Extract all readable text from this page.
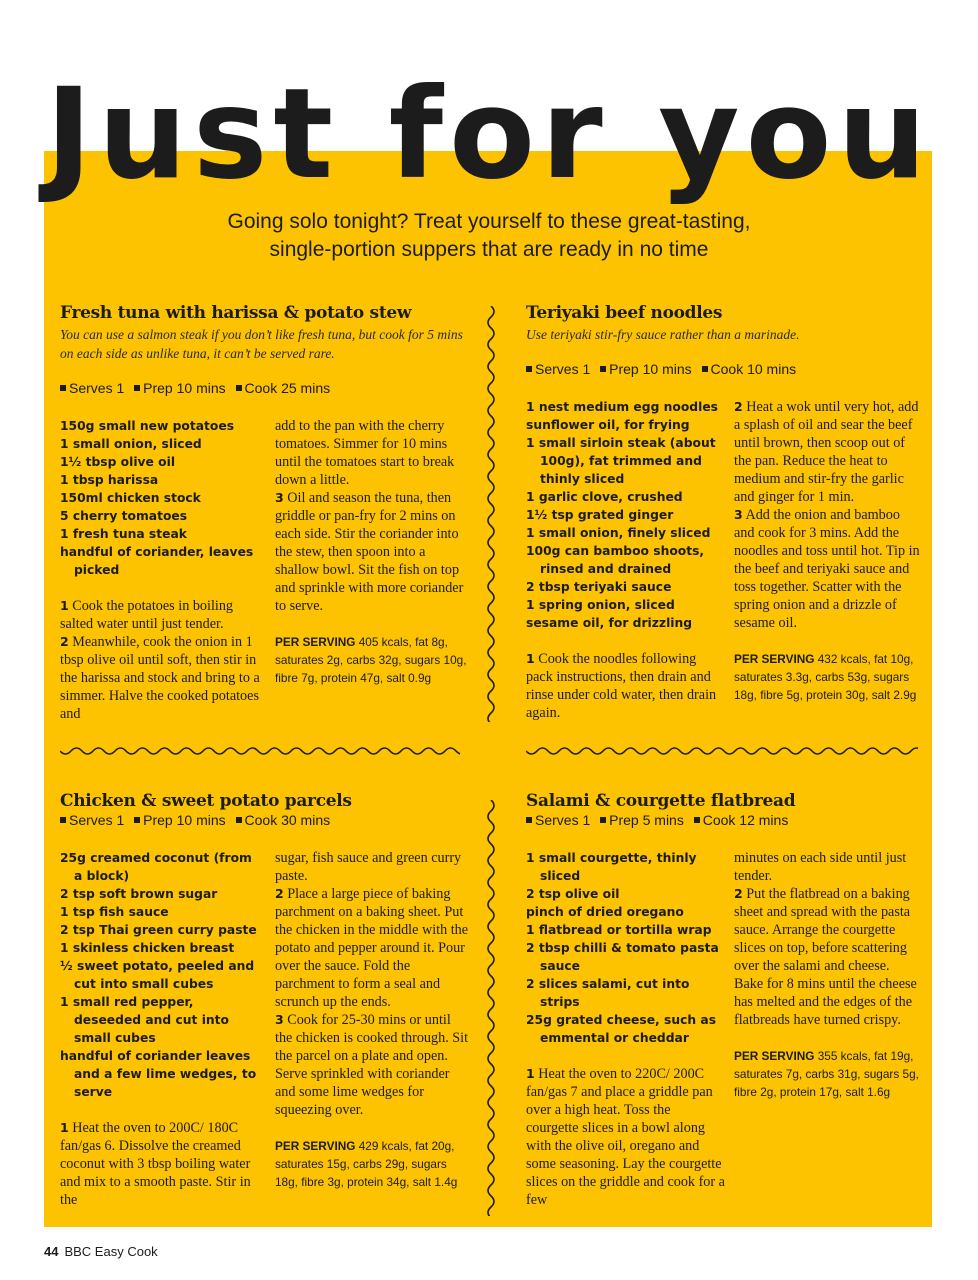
Just for you
Going solo tonight? Treat yourself to these great-tasting,
single-portion suppers that are ready in no time
Fresh tuna with harissa & potato stew

You can use a salmon steak if you don’t like fresh tuna, but cook for 5 mins on each side as unlike tuna, it can’t be served rare.

Serves 1 Prep 10 mins Cook 25 mins

150g small new potatoes
1 small onion, sliced
1½ tbsp olive oil
1 tbsp harissa
150ml chicken stock
5 cherry tomatoes
1 fresh tuna steak
handful of coriander, leaves picked

1 Cook the potatoes in boiling salted water until just tender.

2 Meanwhile, cook the onion in 1 tbsp olive oil until soft, then stir in the harissa and stock and bring to a simmer. Halve the cooked potatoes and

add to the pan with the cherry tomatoes. Simmer for 10 mins until the tomatoes start to break down a little.

3 Oil and season the tuna, then griddle or pan-fry for 2 mins on each side. Stir the coriander into the stew, then spoon into a shallow bowl. Sit the fish on top and sprinkle with more coriander to serve.

PER SERVING 405 kcals, fat 8g, saturates 2g, carbs 32g, sugars 10g, fibre 7g, protein 47g, salt 0.9g

Teriyaki beef noodles

Use teriyaki stir-fry sauce rather than a marinade.

Serves 1 Prep 10 mins Cook 10 mins

1 nest medium egg noodles
sunflower oil, for frying
1 small sirloin steak (about 100g), fat trimmed and thinly sliced
1 garlic clove, crushed
1½ tsp grated ginger
1 small onion, finely sliced
100g can bamboo shoots, rinsed and drained
2 tbsp teriyaki sauce
1 spring onion, sliced
sesame oil, for drizzling

1 Cook the noodles following pack instructions, then drain and rinse under cold water, then drain again.

2 Heat a wok until very hot, add a splash of oil and sear the beef until brown, then scoop out of the pan. Reduce the heat to medium and stir-fry the garlic and ginger for 1 min.

3 Add the onion and bamboo and cook for 3 mins. Add the noodles and toss until hot. Tip in the beef and teriyaki sauce and toss together. Scatter with the spring onion and a drizzle of sesame oil.

PER SERVING 432 kcals, fat 10g, saturates 3.3g, carbs 53g, sugars 18g, fibre 5g, protein 30g, salt 2.9g

Chicken & sweet potato parcels

Serves 1 Prep 10 mins Cook 30 mins

25g creamed coconut (from a block)
2 tsp soft brown sugar
1 tsp fish sauce
2 tsp Thai green curry paste
1 skinless chicken breast
½ sweet potato, peeled and cut into small cubes
1 small red pepper, deseeded and cut into small cubes
handful of coriander leaves and a few lime wedges, to serve

1 Heat the oven to 200C/ 180C fan/gas 6. Dissolve the creamed coconut with 3 tbsp boiling water and mix to a smooth paste. Stir in the

sugar, fish sauce and green curry paste.

2 Place a large piece of baking parchment on a baking sheet. Put the chicken in the middle with the potato and pepper around it. Pour over the sauce. Fold the parchment to form a seal and scrunch up the ends.

3 Cook for 25-30 mins or until the chicken is cooked through. Sit the parcel on a plate and open. Serve sprinkled with coriander and some lime wedges for squeezing over.

PER SERVING 429 kcals, fat 20g, saturates 15g, carbs 29g, sugars 18g, fibre 3g, protein 34g, salt 1.4g

Salami & courgette flatbread

Serves 1 Prep 5 mins Cook 12 mins

1 small courgette, thinly sliced
2 tsp olive oil
pinch of dried oregano
1 flatbread or tortilla wrap
2 tbsp chilli & tomato pasta sauce
2 slices salami, cut into strips
25g grated cheese, such as emmental or cheddar

1 Heat the oven to 220C/ 200C fan/gas 7 and place a griddle pan over a high heat. Toss the courgette slices in a bowl along with the olive oil, oregano and some seasoning. Lay the courgette slices on the griddle and cook for a few

minutes on each side until just tender.

2 Put the flatbread on a baking sheet and spread with the pasta sauce. Arrange the courgette slices on top, before scattering over the salami and cheese. Bake for 8 mins until the cheese has melted and the edges of the flatbreads have turned crispy.

PER SERVING 355 kcals, fat 19g, saturates 7g, carbs 31g, sugars 5g, fibre 2g, protein 17g, salt 1.6g

44 BBC Easy Cook
